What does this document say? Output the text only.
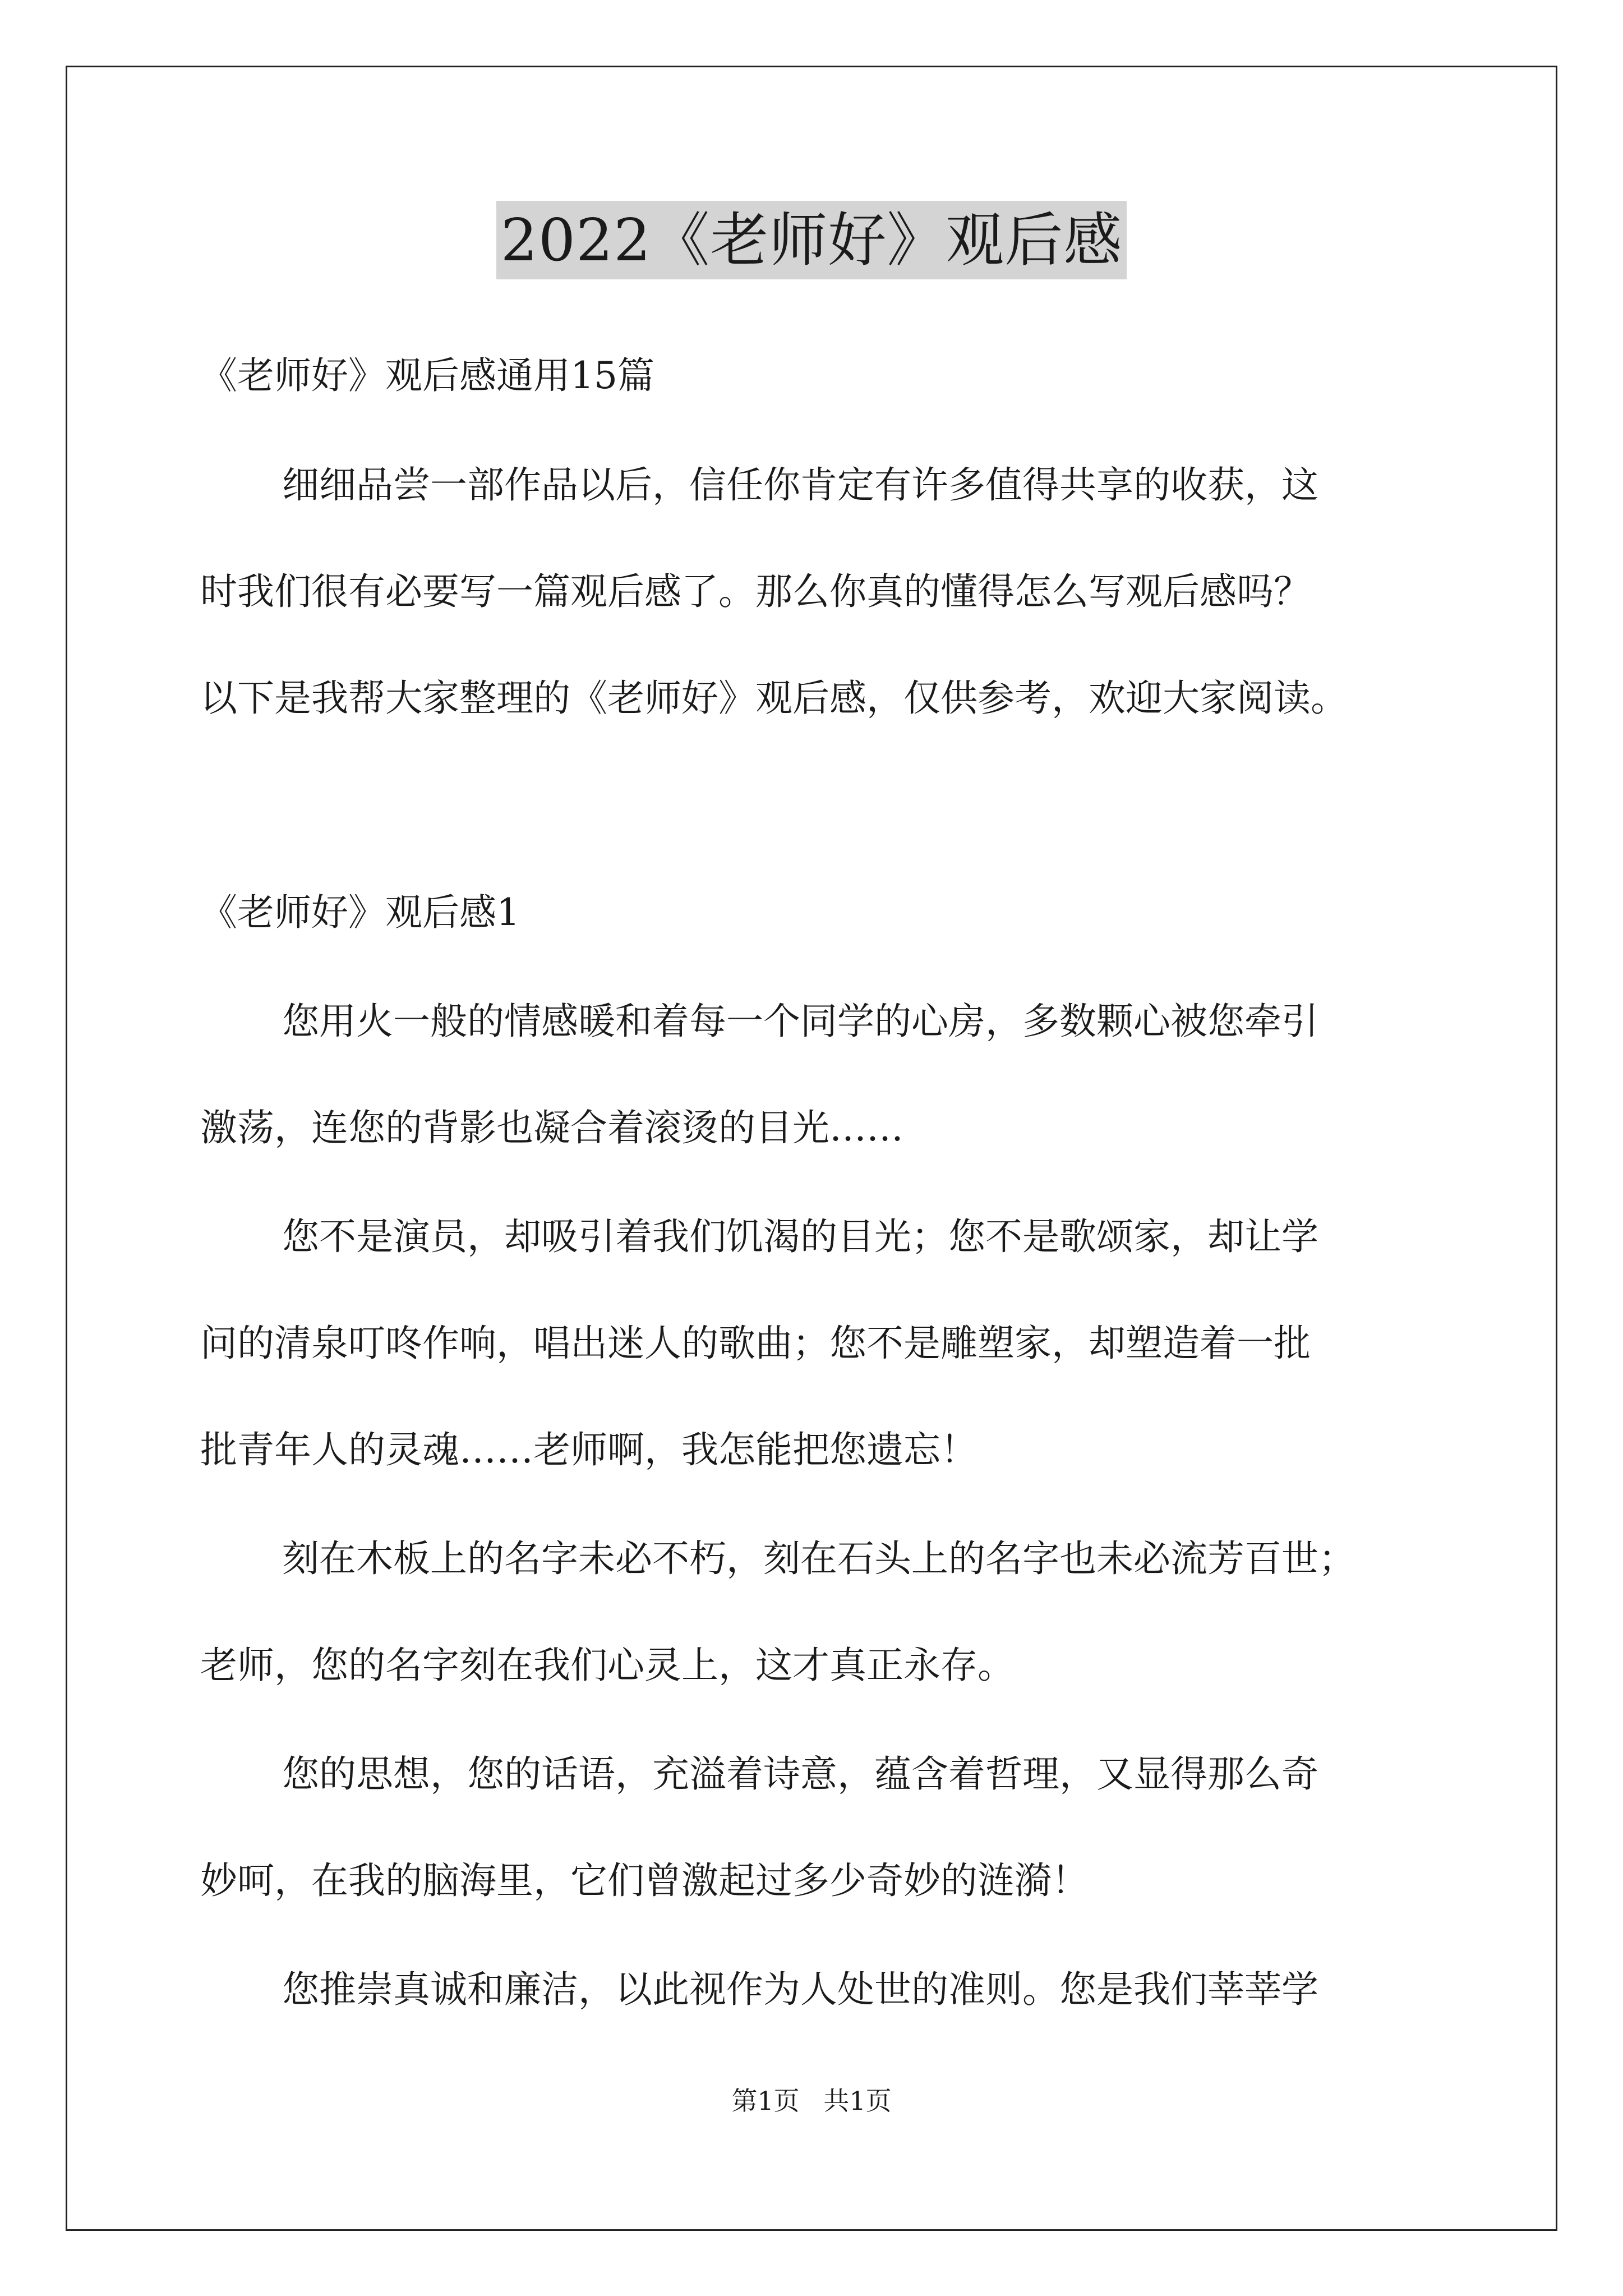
2022《老师好》观后感
《老师好》观后感通用15篇
细细品尝一部作品以后，信任你肯定有许多值得共享的收获，这
时我们很有必要写一篇观后感了。那么你真的懂得怎么写观后感吗？
以下是我帮大家整理的《老师好》观后感，仅供参考，欢迎大家阅读。
《老师好》观后感1
您用火一般的情感暖和着每一个同学的心房，多数颗心被您牵引
激荡，连您的背影也凝合着滚烫的目光……
您不是演员，却吸引着我们饥渴的目光；您不是歌颂家，却让学
问的清泉叮咚作响，唱出迷人的歌曲；您不是雕塑家，却塑造着一批
批青年人的灵魂……老师啊，我怎能把您遗忘！
刻在木板上的名字未必不朽，刻在石头上的名字也未必流芳百世；
老师，您的名字刻在我们心灵上，这才真正永存。
您的思想，您的话语，充溢着诗意，蕴含着哲理，又显得那么奇
妙呵，在我的脑海里，它们曾激起过多少奇妙的涟漪！
您推崇真诚和廉洁，以此视作为人处世的准则。您是我们莘莘学
第1页 共1页
